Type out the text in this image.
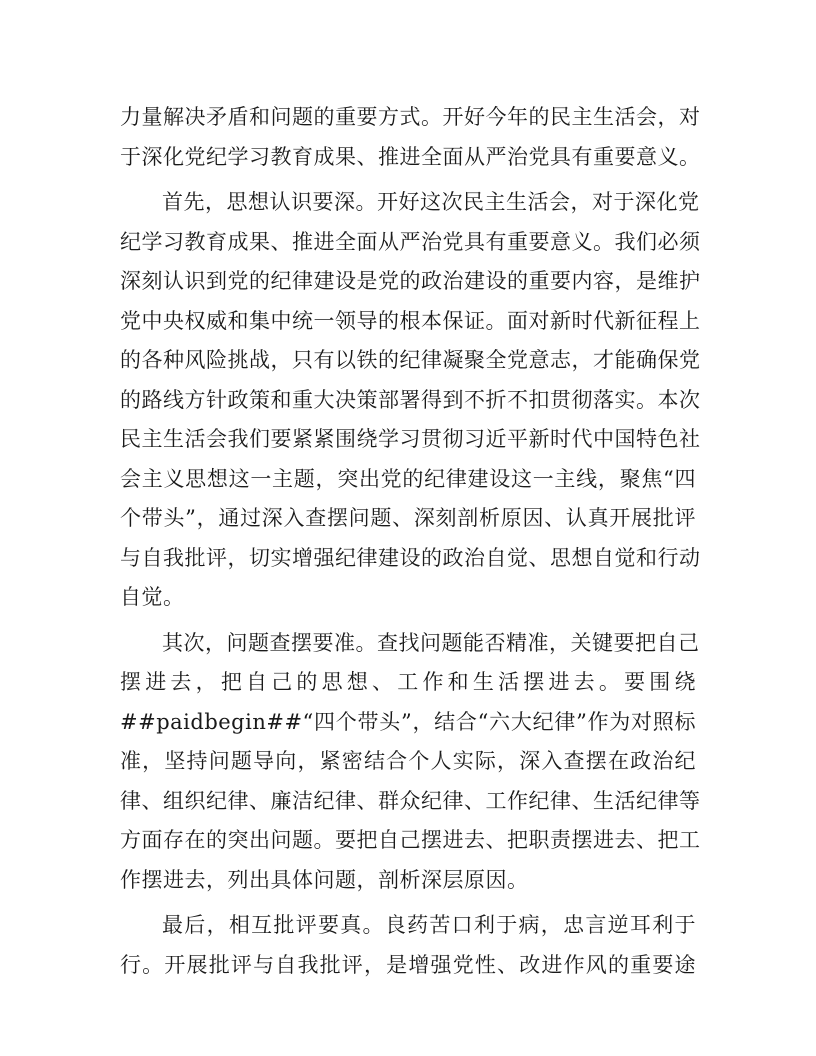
力量解决矛盾和问题的重要方式。开好今年的民主生活会，对
于深化党纪学习教育成果、推进全面从严治党具有重要意义。

首先，思想认识要深。开好这次民主生活会，对于深化党
纪学习教育成果、推进全面从严治党具有重要意义。我们必须
深刻认识到党的纪律建设是党的政治建设的重要内容，是维护
党中央权威和集中统一领导的根本保证。面对新时代新征程上
的各种风险挑战，只有以铁的纪律凝聚全党意志，才能确保党
的路线方针政策和重大决策部署得到不折不扣贯彻落实。本次
民主生活会我们要紧紧围绕学习贯彻习近平新时代中国特色社
会主义思想这一主题，突出党的纪律建设这一主线，聚焦“四
个带头”，通过深入查摆问题、深刻剖析原因、认真开展批评
与自我批评，切实增强纪律建设的政治自觉、思想自觉和行动
自觉。

其次，问题查摆要准。查找问题能否精准，关键要把自己
摆进去，把自己的思想、工作和生活摆进去。要围绕
##paidbegin##“四个带头”，结合“六大纪律”作为对照标
准，坚持问题导向，紧密结合个人实际，深入查摆在政治纪
律、组织纪律、廉洁纪律、群众纪律、工作纪律、生活纪律等
方面存在的突出问题。要把自己摆进去、把职责摆进去、把工
作摆进去，列出具体问题，剖析深层原因。

最后，相互批评要真。良药苦口利于病，忠言逆耳利于
行。开展批评与自我批评，是增强党性、改进作风的重要途
